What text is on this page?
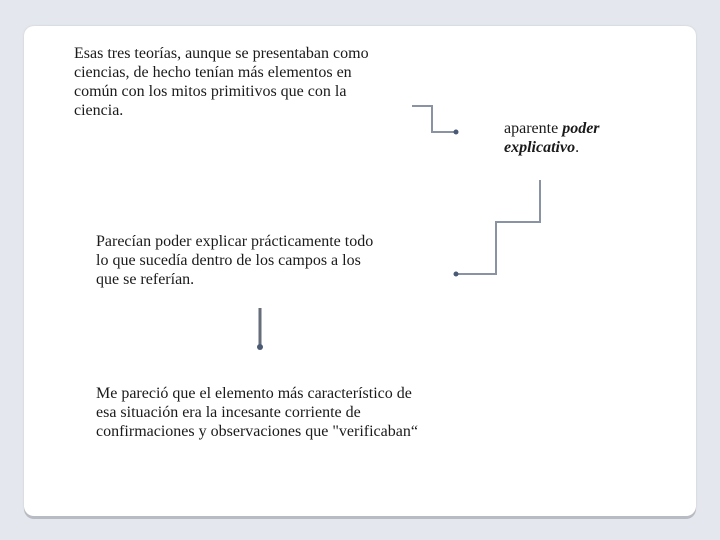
Esas tres teorías, aunque se presentaban como
ciencias, de hecho tenían más elementos en
común con los mitos primitivos que con la
ciencia.
aparente poder explicativo.
Parecían poder explicar prácticamente todo
lo que sucedía dentro de los campos a los
que se referían.
Me pareció que el elemento más característico de
esa situación era la incesante corriente de
confirmaciones y observaciones que "verificaban“
